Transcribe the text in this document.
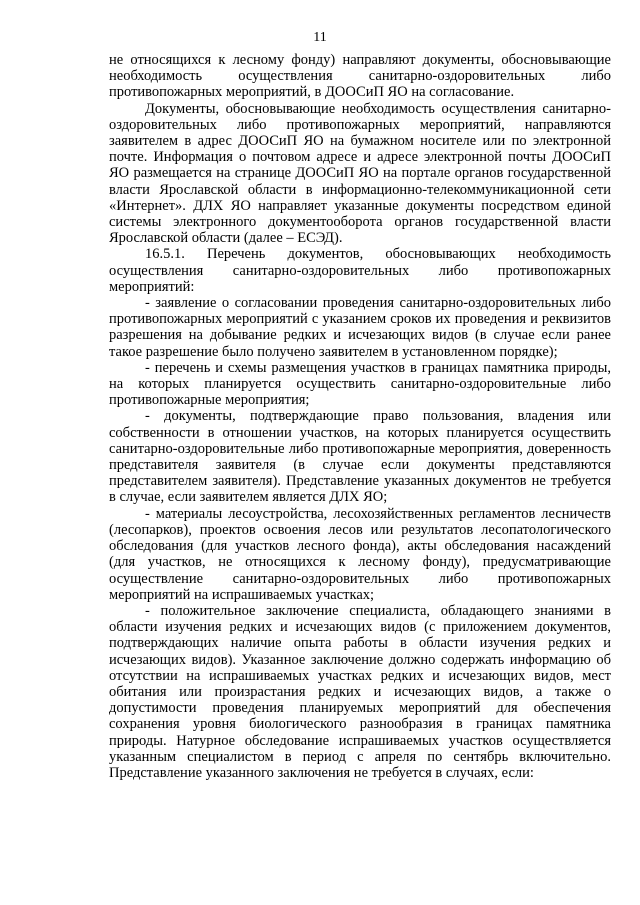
11

не относящихся к лесному фонду) направляют документы, обосновывающие необходимость осуществления санитарно-оздоровительных либо противопожарных мероприятий, в ДООСиП ЯО на согласование.

Документы, обосновывающие необходимость осуществления санитарно-оздоровительных либо противопожарных мероприятий, направляются заявителем в адрес ДООСиП ЯО на бумажном носителе или по электронной почте. Информация о почтовом адресе и адресе электронной почты ДООСиП ЯО размещается на странице ДООСиП ЯО на портале органов государственной власти Ярославской области в информационно-телекоммуникационной сети «Интернет». ДЛХ ЯО направляет указанные документы посредством единой системы электронного документооборота органов государственной власти Ярославской области (далее – ЕСЭД).

16.5.1. Перечень документов, обосновывающих необходимость осуществления санитарно-оздоровительных либо противопожарных мероприятий:

- заявление о согласовании проведения санитарно-оздоровительных либо противопожарных мероприятий с указанием сроков их проведения и реквизитов разрешения на добывание редких и исчезающих видов (в случае если ранее такое разрешение было получено заявителем в установленном порядке);

- перечень и схемы размещения участков в границах памятника природы, на которых планируется осуществить санитарно-оздоровительные либо противопожарные мероприятия;

- документы, подтверждающие право пользования, владения или собственности в отношении участков, на которых планируется осуществить санитарно-оздоровительные либо противопожарные мероприятия, доверенность представителя заявителя (в случае если документы представляются представителем заявителя). Представление указанных документов не требуется в случае, если заявителем является ДЛХ ЯО;

- материалы лесоустройства, лесохозяйственных регламентов лесничеств (лесопарков), проектов освоения лесов или результатов лесопатологического обследования (для участков лесного фонда), акты обследования насаждений (для участков, не относящихся к лесному фонду), предусматривающие осуществление санитарно-оздоровительных либо противопожарных мероприятий на испрашиваемых участках;

- положительное заключение специалиста, обладающего знаниями в области изучения редких и исчезающих видов (с приложением документов, подтверждающих наличие опыта работы в области изучения редких и исчезающих видов). Указанное заключение должно содержать информацию об отсутствии на испрашиваемых участках редких и исчезающих видов, мест обитания или произрастания редких и исчезающих видов, а также о допустимости проведения планируемых мероприятий для обеспечения сохранения уровня биологического разнообразия в границах памятника природы. Натурное обследование испрашиваемых участков осуществляется указанным специалистом в период с апреля по сентябрь включительно. Представление указанного заключения не требуется в случаях, если:
